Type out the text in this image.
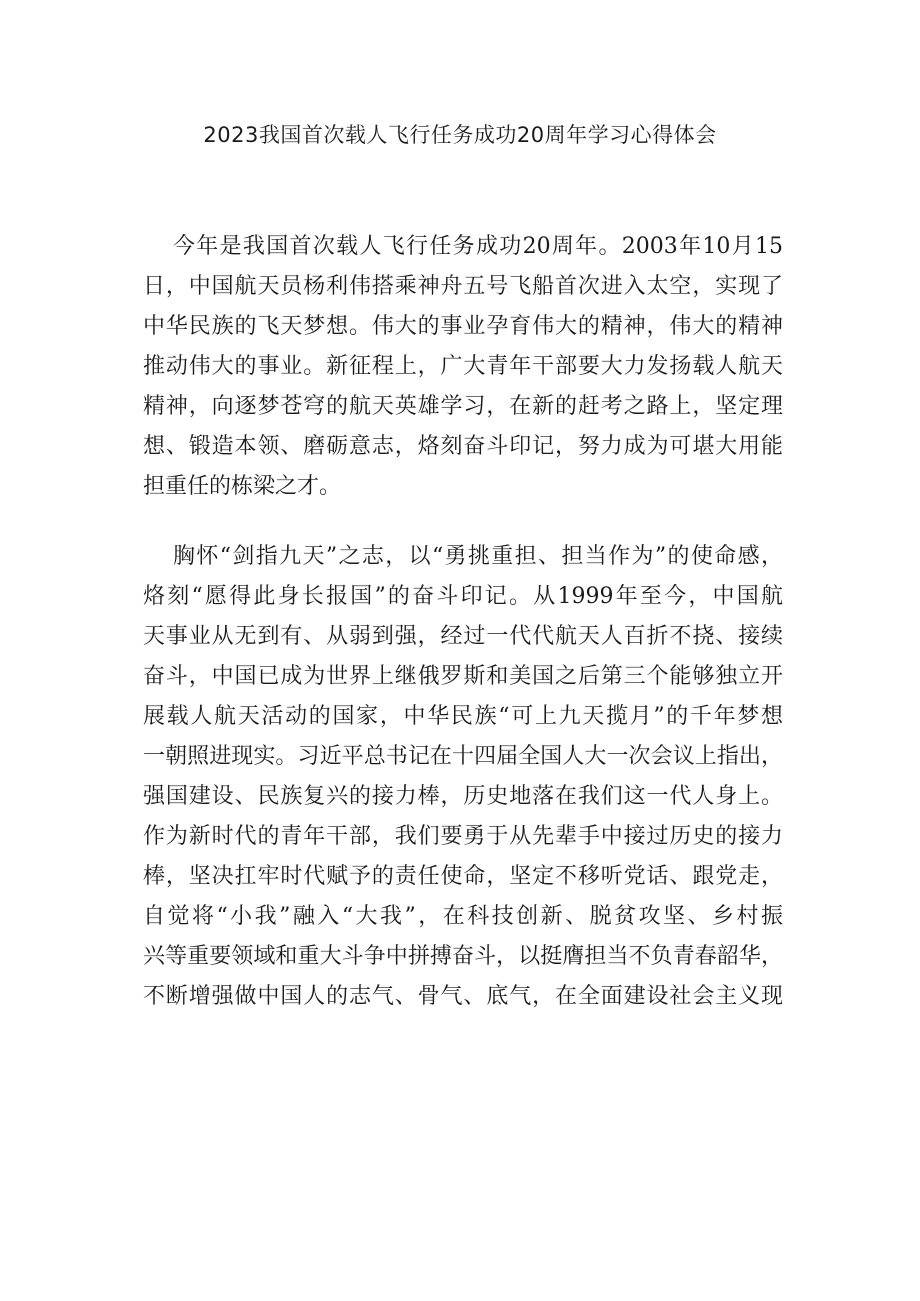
2023我国首次载人飞行任务成功20周年学习心得体会

今年是我国首次载人飞行任务成功20周年。2003年10月15
日，中国航天员杨利伟搭乘神舟五号飞船首次进入太空，实现了
中华民族的飞天梦想。伟大的事业孕育伟大的精神，伟大的精神
推动伟大的事业。新征程上，广大青年干部要大力发扬载人航天
精神，向逐梦苍穹的航天英雄学习，在新的赶考之路上，坚定理
想、锻造本领、磨砺意志，烙刻奋斗印记，努力成为可堪大用能
担重任的栋梁之才。

胸怀“剑指九天”之志，以“勇挑重担、担当作为”的使命感，
烙刻“愿得此身长报国”的奋斗印记。从1999年至今，中国航
天事业从无到有、从弱到强，经过一代代航天人百折不挠、接续
奋斗，中国已成为世界上继俄罗斯和美国之后第三个能够独立开
展载人航天活动的国家，中华民族“可上九天揽月”的千年梦想
一朝照进现实。习近平总书记在十四届全国人大一次会议上指出，
强国建设、民族复兴的接力棒，历史地落在我们这一代人身上。
作为新时代的青年干部，我们要勇于从先辈手中接过历史的接力
棒，坚决扛牢时代赋予的责任使命，坚定不移听党话、跟党走，
自觉将“小我”融入“大我”，在科技创新、脱贫攻坚、乡村振
兴等重要领域和重大斗争中拼搏奋斗，以挺膺担当不负青春韶华，
不断增强做中国人的志气、骨气、底气，在全面建设社会主义现
